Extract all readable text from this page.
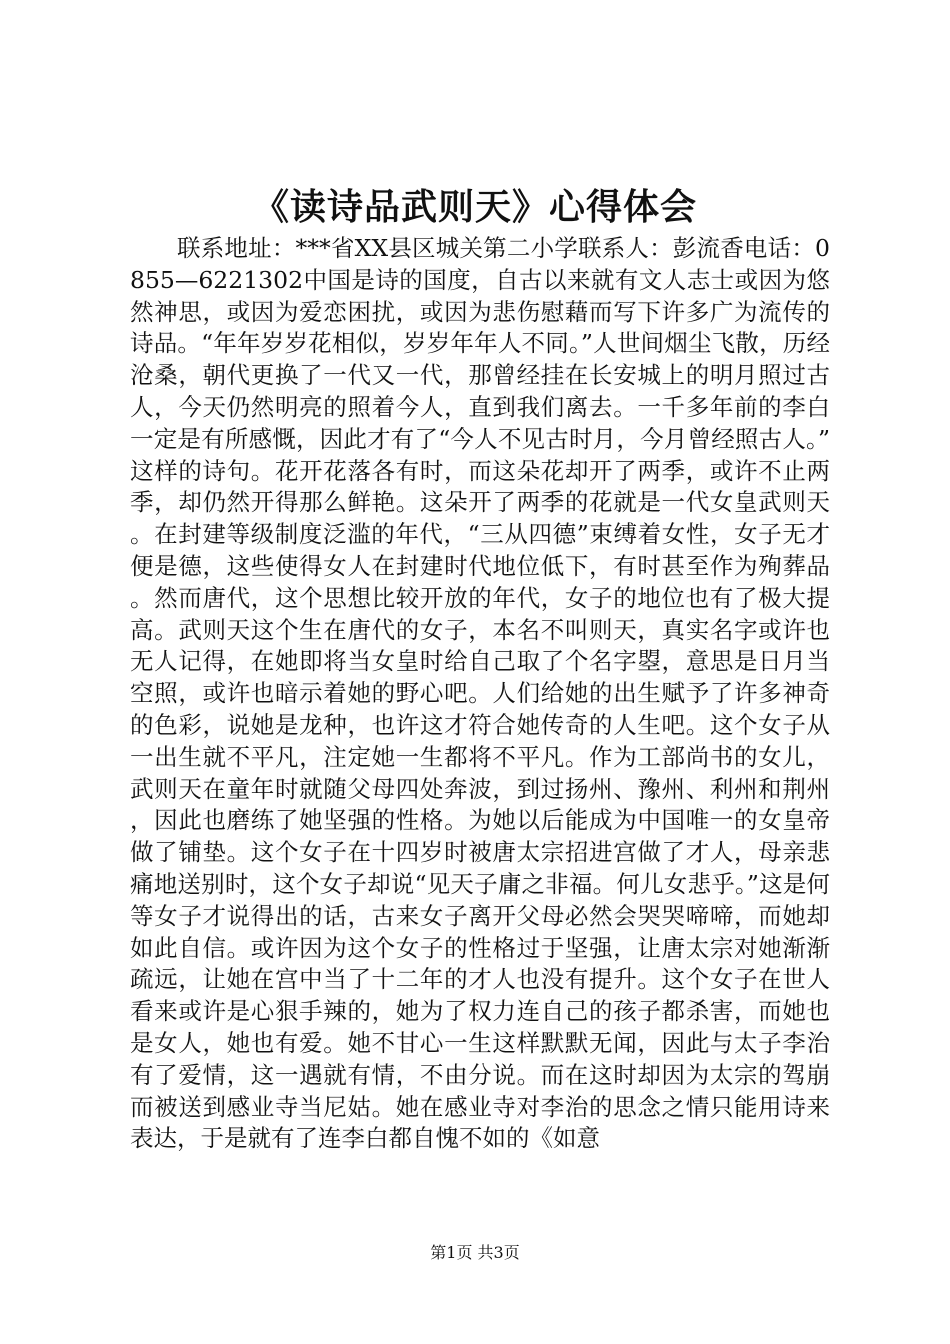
《读诗品武则天》心得体会

联系地址：***省XX县区城关第二小学联系人：彭流香电话：0855—6221302中国是诗的国度，自古以来就有文人志士或因为悠然神思，或因为爱恋困扰，或因为悲伤慰藉而写下许多广为流传的诗品。“年年岁岁花相似，岁岁年年人不同。”人世间烟尘飞散，历经沧桑，朝代更换了一代又一代，那曾经挂在长安城上的明月照过古人，今天仍然明亮的照着今人，直到我们离去。一千多年前的李白一定是有所感慨，因此才有了“今人不见古时月，今月曾经照古人。”这样的诗句。花开花落各有时，而这朵花却开了两季，或许不止两季，却仍然开得那么鲜艳。这朵开了两季的花就是一代女皇武则天。在封建等级制度泛滥的年代，“三从四德”束缚着女性，女子无才便是德，这些使得女人在封建时代地位低下，有时甚至作为殉葬品。然而唐代，这个思想比较开放的年代，女子的地位也有了极大提高。武则天这个生在唐代的女子，本名不叫则天，真实名字或许也无人记得，在她即将当女皇时给自己取了个名字曌，意思是日月当空照，或许也暗示着她的野心吧。人们给她的出生赋予了许多神奇的色彩，说她是龙种，也许这才符合她传奇的人生吧。这个女子从一出生就不平凡，注定她一生都将不平凡。作为工部尚书的女儿，武则天在童年时就随父母四处奔波，到过扬州、豫州、利州和荆州，因此也磨练了她坚强的性格。为她以后能成为中国唯一的女皇帝做了铺垫。这个女子在十四岁时被唐太宗招进宫做了才人，母亲悲痛地送别时，这个女子却说“见天子庸之非福。何儿女悲乎。”这是何等女子才说得出的话，古来女子离开父母必然会哭哭啼啼，而她却如此自信。或许因为这个女子的性格过于坚强，让唐太宗对她渐渐疏远，让她在宫中当了十二年的才人也没有提升。这个女子在世人看来或许是心狠手辣的，她为了权力连自己的孩子都杀害，而她也是女人，她也有爱。她不甘心一生这样默默无闻，因此与太子李治有了爱情，这一遇就有情，不由分说。而在这时却因为太宗的驾崩而被送到感业寺当尼姑。她在感业寺对李治的思念之情只能用诗来表达，于是就有了连李白都自愧不如的《如意

第1页 共3页
